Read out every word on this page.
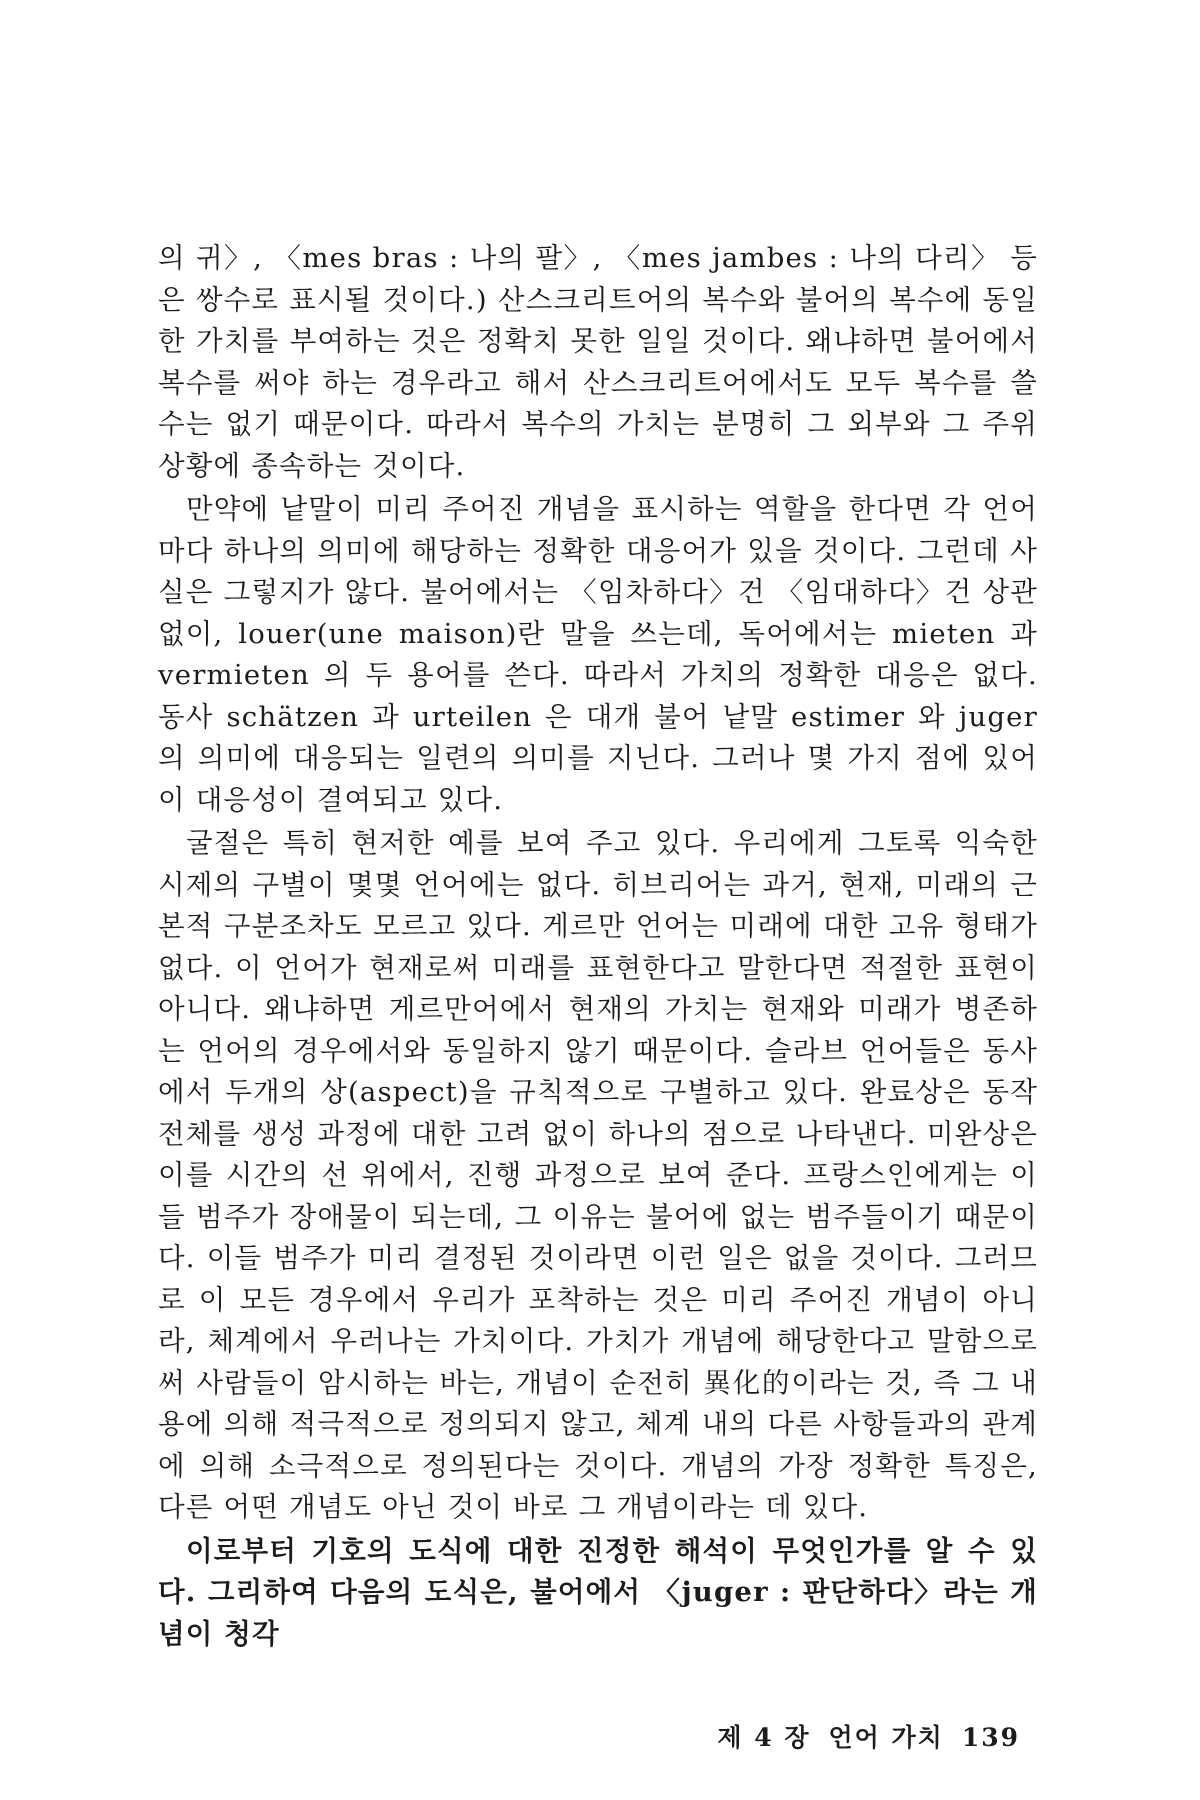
의 귀〉, 〈mes bras : 나의 팔〉, 〈mes jambes : 나의 다리〉 등은 쌍수로 표시될 것이다.) 산스크리트어의 복수와 불어의 복수에 동일한 가치를 부여하는 것은 정확치 못한 일일 것이다. 왜냐하면 불어에서 복수를 써야 하는 경우라고 해서 산스크리트어에서도 모두 복수를 쓸 수는 없기 때문이다. 따라서 복수의 가치는 분명히 그 외부와 그 주위 상황에 종속하는 것이다.

만약에 낱말이 미리 주어진 개념을 표시하는 역할을 한다면 각 언어마다 하나의 의미에 해당하는 정확한 대응어가 있을 것이다. 그런데 사실은 그렇지가 않다. 불어에서는 〈임차하다〉건 〈임대하다〉건 상관없이, louer(une maison)란 말을 쓰는데, 독어에서는 mieten 과 vermieten 의 두 용어를 쓴다. 따라서 가치의 정확한 대응은 없다. 동사 schätzen 과 urteilen 은 대개 불어 낱말 estimer 와 juger 의 의미에 대응되는 일련의 의미를 지닌다. 그러나 몇 가지 점에 있어 이 대응성이 결여되고 있다.

굴절은 특히 현저한 예를 보여 주고 있다. 우리에게 그토록 익숙한 시제의 구별이 몇몇 언어에는 없다. 히브리어는 과거, 현재, 미래의 근본적 구분조차도 모르고 있다. 게르만 언어는 미래에 대한 고유 형태가 없다. 이 언어가 현재로써 미래를 표현한다고 말한다면 적절한 표현이 아니다. 왜냐하면 게르만어에서 현재의 가치는 현재와 미래가 병존하는 언어의 경우에서와 동일하지 않기 때문이다. 슬라브 언어들은 동사에서 두개의 상(aspect)을 규칙적으로 구별하고 있다. 완료상은 동작 전체를 생성 과정에 대한 고려 없이 하나의 점으로 나타낸다. 미완상은 이를 시간의 선 위에서, 진행 과정으로 보여 준다. 프랑스인에게는 이들 범주가 장애물이 되는데, 그 이유는 불어에 없는 범주들이기 때문이다. 이들 범주가 미리 결정된 것이라면 이런 일은 없을 것이다. 그러므로 이 모든 경우에서 우리가 포착하는 것은 미리 주어진 개념이 아니라, 체계에서 우러나는 가치이다. 가치가 개념에 해당한다고 말함으로써 사람들이 암시하는 바는, 개념이 순전히 異化的이라는 것, 즉 그 내용에 의해 적극적으로 정의되지 않고, 체계 내의 다른 사항들과의 관계에 의해 소극적으로 정의된다는 것이다. 개념의 가장 정확한 특징은, 다른 어떤 개념도 아닌 것이 바로 그 개념이라는 데 있다.

이로부터 기호의 도식에 대한 진정한 해석이 무엇인가를 알 수 있다. 그리하여 다음의 도식은, 불어에서 〈juger : 판단하다〉라는 개념이 청각

제 4 장 언어 가치 139
